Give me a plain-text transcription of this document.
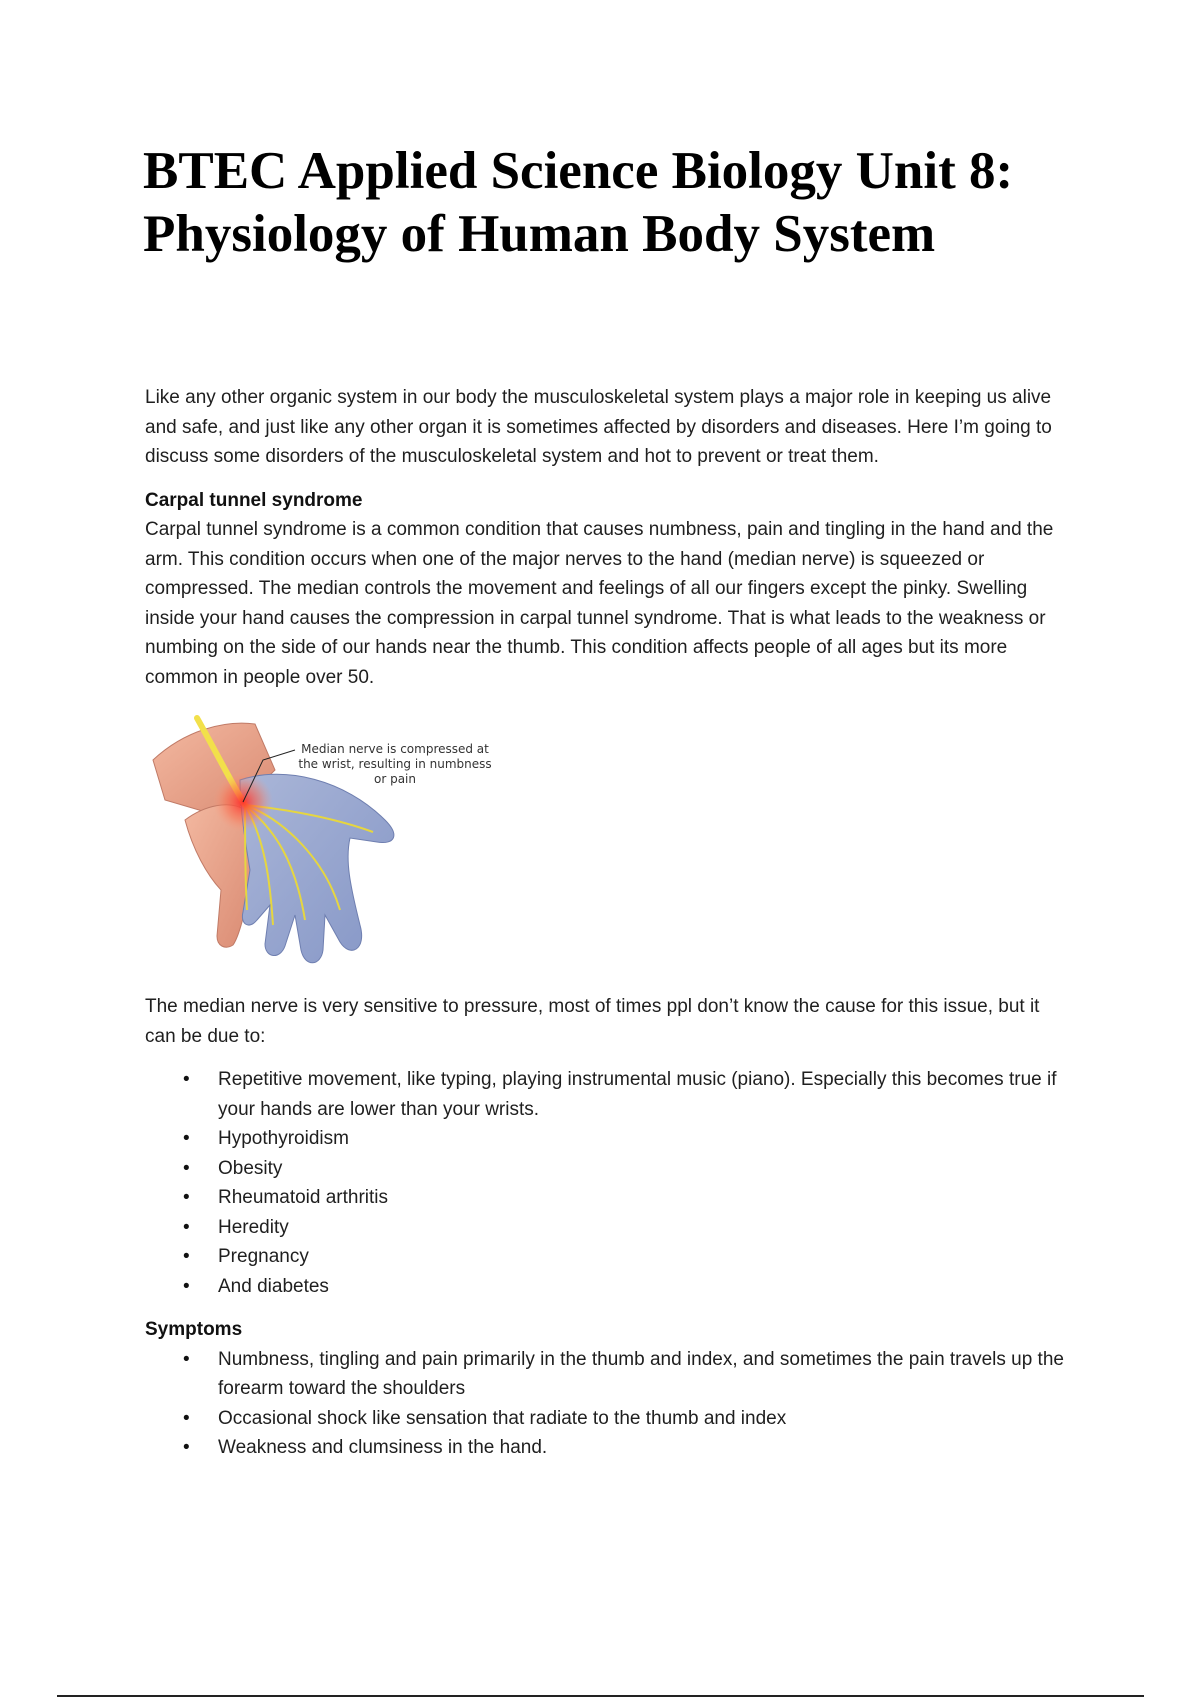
BTEC Applied Science Biology Unit 8: Physiology of Human Body System

Like any other organic system in our body the musculoskeletal system plays a major role in keeping us alive and safe, and just like any other organ it is sometimes affected by disorders and diseases. Here I’m going to discuss some disorders of the musculoskeletal system and hot to prevent or treat them.

Carpal tunnel syndrome

Carpal tunnel syndrome is a common condition that causes numbness, pain and tingling in the hand and the arm. This condition occurs when one of the major nerves to the hand (median nerve) is squeezed or compressed. The median controls the movement and feelings of all our fingers except the pinky. Swelling inside your hand causes the compression in carpal tunnel syndrome. That is what leads to the weakness or numbing on the side of our hands near the thumb. This condition affects people of all ages but its more common in people over 50.

Median nerve is compressed at the wrist, resulting in numbness or pain

The median nerve is very sensitive to pressure, most of times ppl don’t know the cause for this issue, but it can be due to:

• Repetitive movement, like typing, playing instrumental music (piano). Especially this becomes true if your hands are lower than your wrists.
• Hypothyroidism
• Obesity
• Rheumatoid arthritis
• Heredity
• Pregnancy
• And diabetes

Symptoms

• Numbness, tingling and pain primarily in the thumb and index, and sometimes the pain travels up the forearm toward the shoulders
• Occasional shock like sensation that radiate to the thumb and index
• Weakness and clumsiness in the hand.
